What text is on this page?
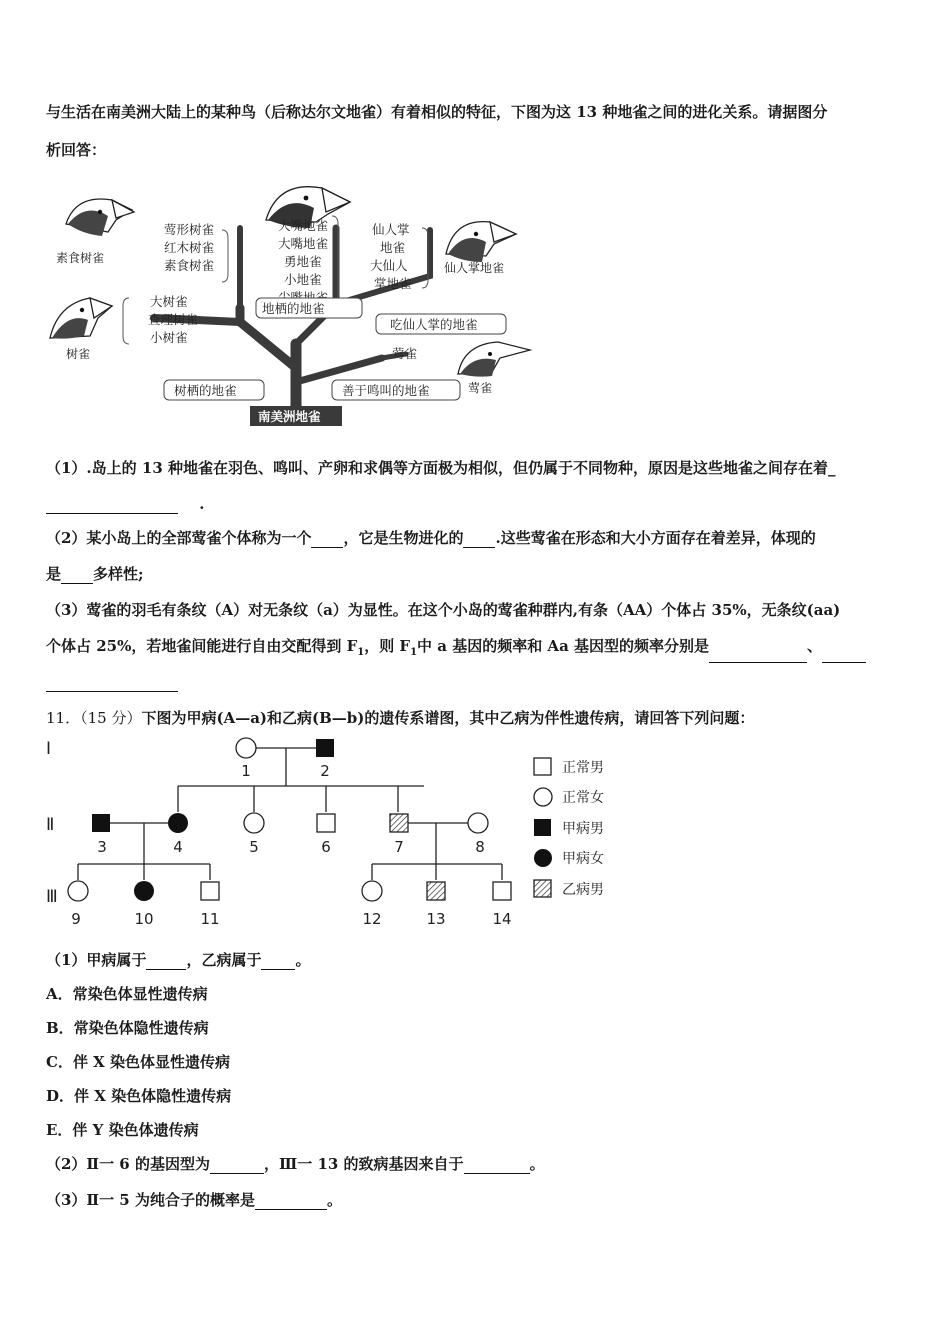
与生活在南美洲大陆上的某种鸟（后称达尔文地雀）有着相似的特征，下图为这 13 种地雀之间的进化关系。请据图分
析回答：
素食树雀
仙人掌地雀
树雀
莺雀
莺形树雀
红木树雀
素食树雀
大树雀
查理树雀
小树雀
大嘴地雀
大嘴地雀
勇地雀
小地雀
仙人掌
地雀
大仙人
掌地雀
莺雀
地栖的地雀
吃仙人掌的地雀
树栖的地雀	善于鸣叫的地雀
南美洲地雀
（1）.岛上的 13 种地雀在羽色、鸣叫、产卵和求偶等方面极为相似，但仍属于不同物种，原因是这些地雀之间存在着_
.
（2）某小岛上的全部莺雀个体称为一个 ，它是生物进化的 .这些莺雀在形态和大小方面存在着差异，体现的
是 多样性;
（3）莺雀的羽毛有条纹（A）对无条纹（a）为显性。在这个小岛的莺雀种群内,有条（AA）个体占 35%，无条纹(aa)
个体占 25%，若地雀间能进行自由交配得到 $F_1$，则 $F_1$中 a 基因的频率和 Aa 基因型的频率分别是	、
11．（15 分）下图为甲病(A—a)和乙病(B—b)的遗传系谱图，其中乙病为伴性遗传病，请回答下列问题：
Ⅰ
Ⅱ
Ⅲ
1	2
3	4	5	6	7	8
9	10	11	12	13	14
正常男
正常女
甲病男
甲病女
乙病男
（1）甲病属于	，乙病属于 。
A．常染色体显性遗传病
B．常染色体隐性遗传病
C．伴 X 染色体显性遗传病
D．伴 X 染色体隐性遗传病
E．伴 Y 染色体遗传病
（2）Ⅱ一 6 的基因型为	，Ⅲ一 13 的致病基因来自于	。
（3）Ⅱ一 5 为纯合子的概率是	。
